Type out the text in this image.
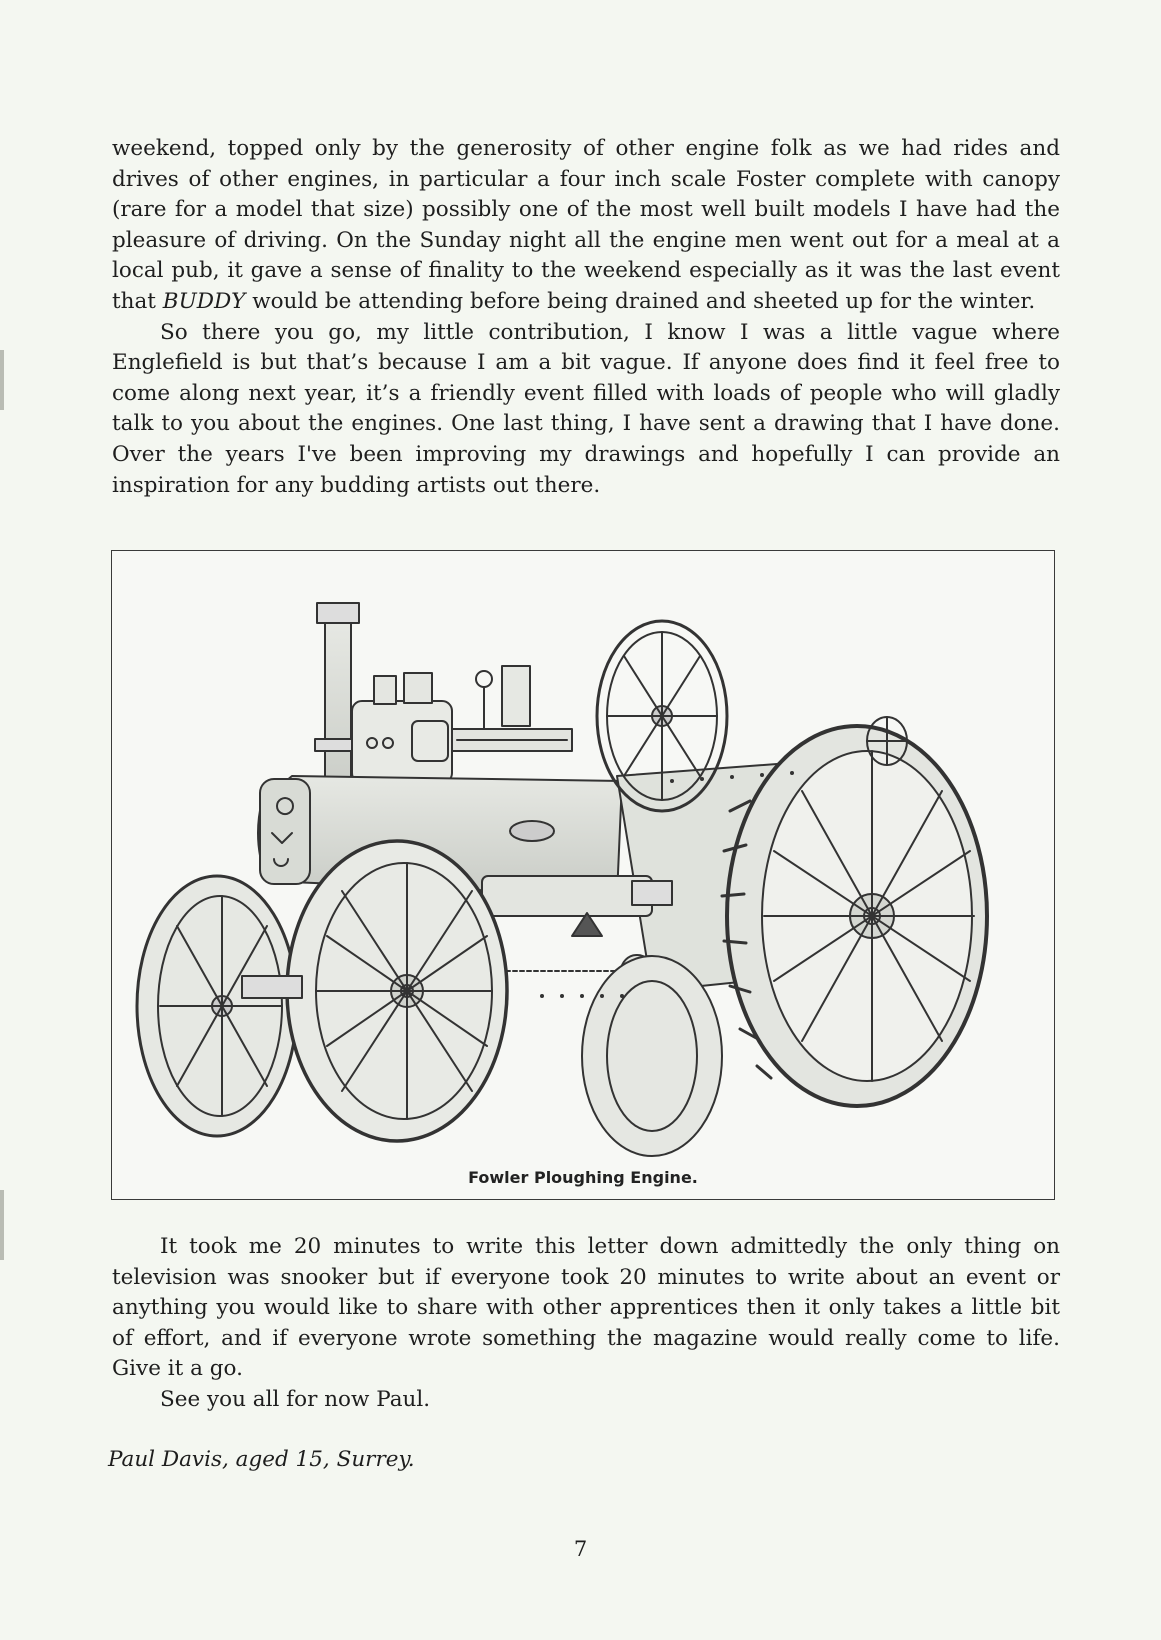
weekend, topped only by the generosity of other engine folk as we had rides and drives of other engines, in particular a four inch scale Foster complete with canopy (rare for a model that size) possibly one of the most well built models I have had the pleasure of driving. On the Sunday night all the engine men went out for a meal at a local pub, it gave a sense of finality to the weekend especially as it was the last event that BUDDY would be attending before being drained and sheeted up for the winter.

So there you go, my little contribution, I know I was a little vague where Englefield is but that’s because I am a bit vague. If anyone does find it feel free to come along next year, it’s a friendly event filled with loads of people who will gladly talk to you about the engines. One last thing, I have sent a drawing that I have done. Over the years I've been improving my drawings and hopefully I can provide an inspiration for any budding artists out there.

Fowler Ploughing Engine.

It took me 20 minutes to write this letter down admittedly the only thing on television was snooker but if everyone took 20 minutes to write about an event or anything you would like to share with other apprentices then it only takes a little bit of effort, and if everyone wrote something the magazine would really come to life. Give it a go.

See you all for now Paul.

Paul Davis, aged 15, Surrey.
7
